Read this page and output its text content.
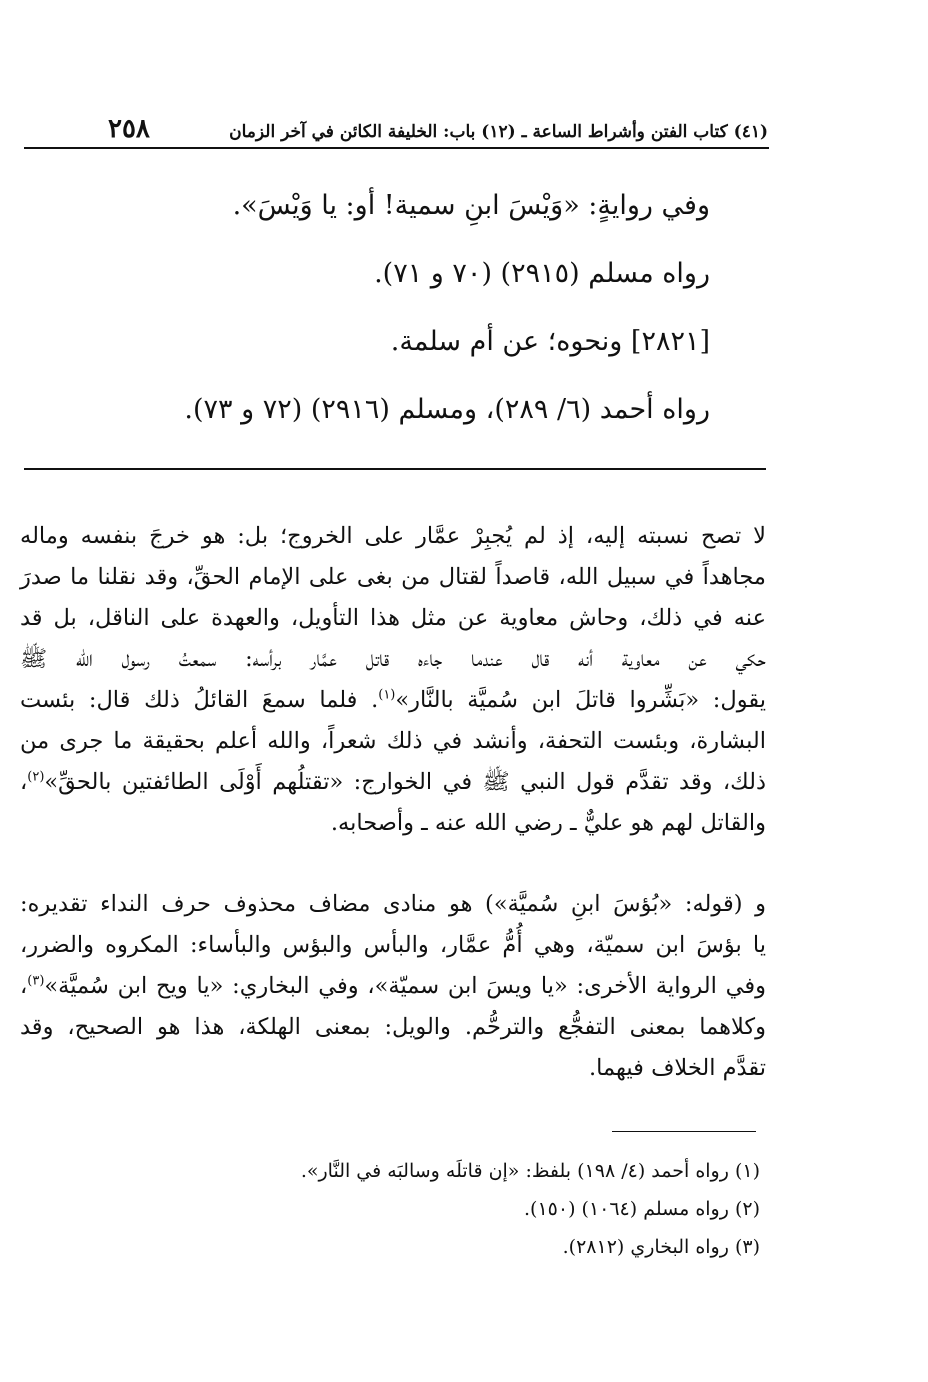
(٤١) كتاب الفتن وأشراط الساعة ـ (١٢) باب: الخليفة الكائن في آخر الزمان
٢٥٨
وفي روايةٍ: «وَيْسَ ابنِ سمية! أو: يا وَيْسَ».
رواه مسلم (٢٩١٥) (٧٠ و ٧١).
[٢٨٢١] ونحوه؛ عن أم سلمة.
رواه أحمد (٦/ ٢٨٩)، ومسلم (٢٩١٦) (٧٢ و ٧٣).
لا تصح نسبته إليه، إذ لم يُجبِرْ عمَّار على الخروج؛ بل: هو خرجَ بنفسه وماله
مجاهداً في سبيل الله، قاصداً لقتال من بغى على الإمام الحقِّ، وقد نقلنا ما صدرَ
عنه في ذلك، وحاش معاوية عن مثل هذا التأويل، والعهدة على الناقل، بل قد
حكي عن معاوية أنه قال عندما جاءه قاتل عمَّار برأسه: سمعتُ رسول الله ﷺ
يقول: «بَشِّروا قاتلَ ابن سُميَّة بالنَّار»$^{(١)}$. فلما سمعَ القائلُ ذلك قال: بئست
البشارة، وبئست التحفة، وأنشد في ذلك شعراً، والله أعلم بحقيقة ما جرى من
ذلك، وقد تقدَّم قول النبي ﷺ في الخوارج: «تقتلُهم أَوْلَى الطائفتين بالحقِّ»$^{(٢)}$،
والقاتل لهم هو عليٌّ ـ رضي الله عنه ـ وأصحابه.
و (قوله: «بُؤسَ ابنِ سُميَّة») هو منادى مضاف محذوف حرف النداء تقديره:
يا بؤسَ ابن سميّة، وهي أُمُّ عمَّار، والبأس والبؤس والبأساء: المكروه والضرر،
وفي الرواية الأخرى: «يا ويسَ ابن سميّة»، وفي البخاري: «يا ويح ابن سُميَّة»$^{(٣)}$،
وكلاهما بمعنى التفجُّع والترحُّم. والويل: بمعنى الهلكة، هذا هو الصحيح، وقد
تقدَّم الخلاف فيهما.
(١) رواه أحمد (٤/ ١٩٨) بلفظ: «إن قاتلَه وسالبَه في النَّار».
(٢) رواه مسلم (١٠٦٤) (١٥٠).
(٣) رواه البخاري (٢٨١٢).
